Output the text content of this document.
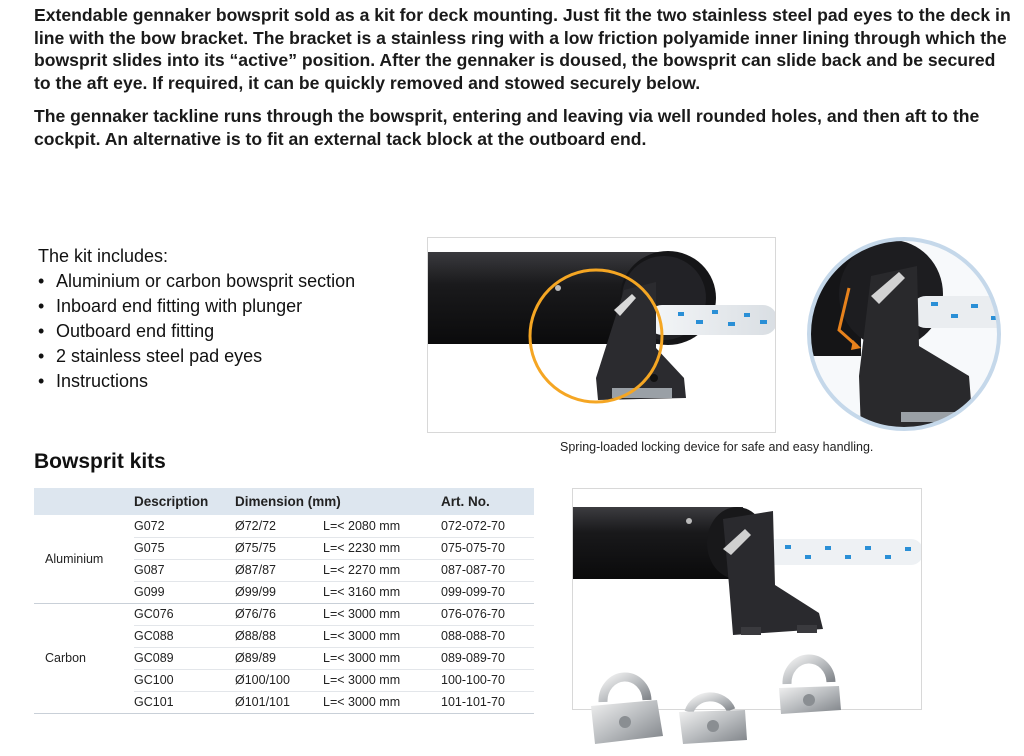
Extendable gennaker bowsprit sold as a kit for deck mounting. Just fit the two stainless steel pad eyes to the deck in line with the bow bracket. The bracket is a stainless ring with a low friction polyamide inner lining through which the bowsprit slides into its “active” position. After the gennaker is doused, the bowsprit can slide back and be secured to the aft eye. If required, it can be quickly removed and stowed securely below.

The gennaker tackline runs through the bowsprit, entering and leaving via well rounded holes, and then aft to the cockpit. An alternative is to fit an external tack block at the outboard end.

The kit includes:
• Aluminium or carbon bowsprit section
• Inboard end fitting with plunger
• Outboard end fitting
• 2 stainless steel pad eyes
• Instructions
Spring-loaded locking device for safe and easy handling.
Bowsprit kits
	Description	Dimension (mm)		Art. No.
Aluminium	G072	Ø72/72	L=< 2080 mm	072-072-70
	G075	Ø75/75	L=< 2230 mm	075-075-70
	G087	Ø87/87	L=< 2270 mm	087-087-70
	G099	Ø99/99	L=< 3160 mm	099-099-70
Carbon	GC076	Ø76/76	L=< 3000 mm	076-076-70
	GC088	Ø88/88	L=< 3000 mm	088-088-70
	GC089	Ø89/89	L=< 3000 mm	089-089-70
	GC100	Ø100/100	L=< 3000 mm	100-100-70
	GC101	Ø101/101	L=< 3000 mm	101-101-70
